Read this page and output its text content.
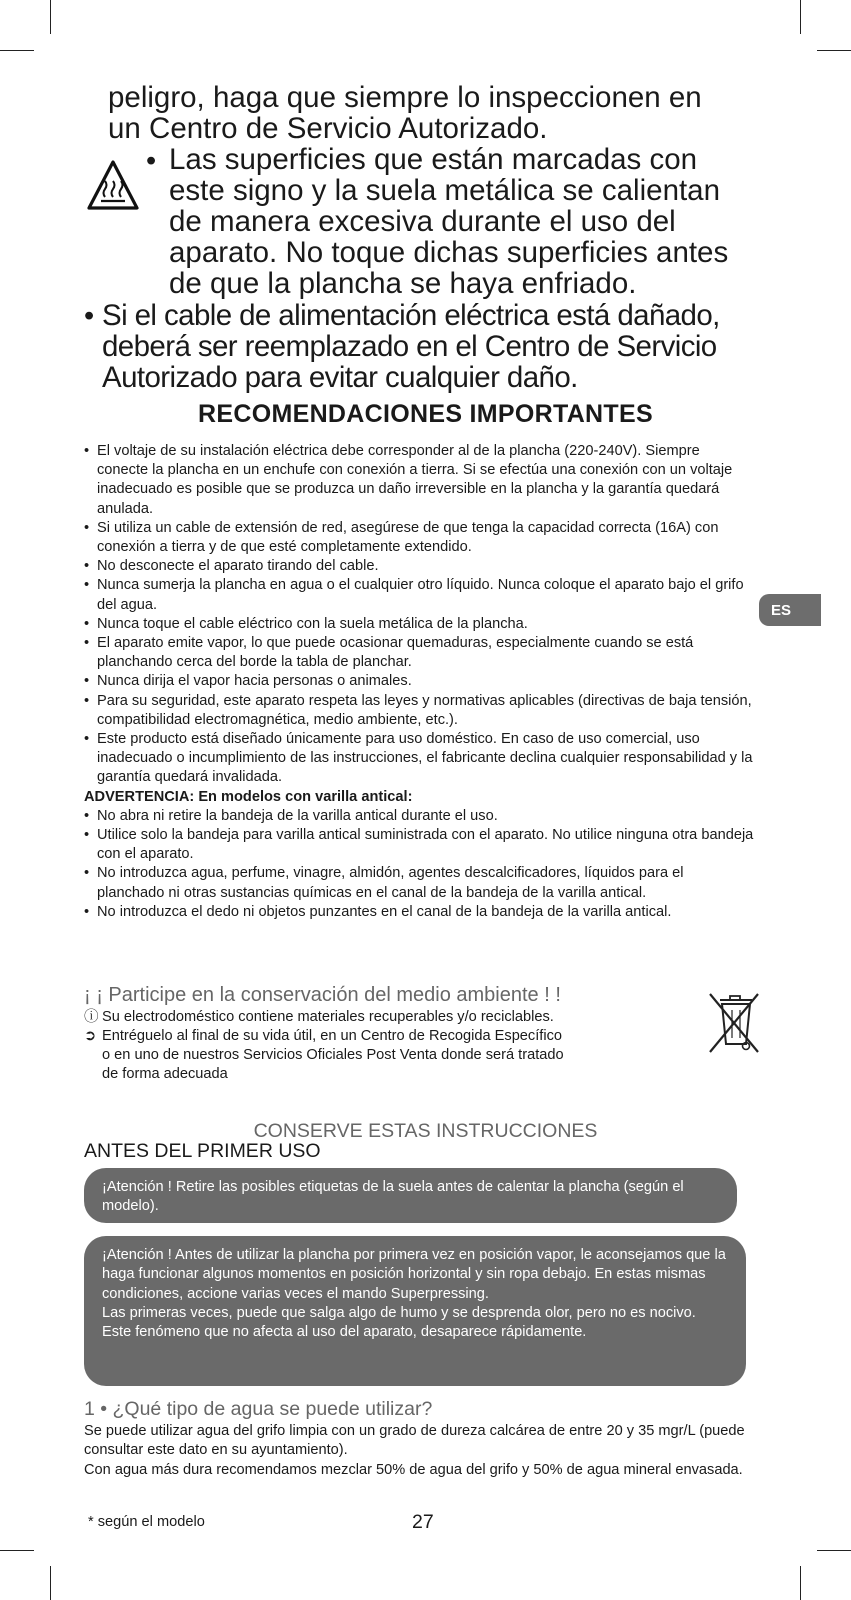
peligro, haga que siempre lo inspeccionen en
un Centro de Servicio Autorizado.
• Las superficies que están marcadas con
este signo y la suela metálica se calientan
de manera excesiva durante el uso del
aparato. No toque dichas superficies antes
de que la plancha se haya enfriado.
• Si el cable de alimentación eléctrica está dañado,
deberá ser reemplazado en el Centro de Servicio
Autorizado para evitar cualquier daño.
RECOMENDACIONES IMPORTANTES
• El voltaje de su instalación eléctrica debe corresponder al de la plancha (220-240V). Siempre conecte la plancha en un enchufe con conexión a tierra. Si se efectúa una conexión con un voltaje inadecuado es posible que se produzca un daño irreversible en la plancha y la garantía quedará anulada.
• Si utiliza un cable de extensión de red, asegúrese de que tenga la capacidad correcta (16A) con conexión a tierra y de que esté completamente extendido.
• No desconecte el aparato tirando del cable.
• Nunca sumerja la plancha en agua o el cualquier otro líquido. Nunca coloque el aparato bajo el grifo del agua.
• Nunca toque el cable eléctrico con la suela metálica de la plancha.
• El aparato emite vapor, lo que puede ocasionar quemaduras, especialmente cuando se está planchando cerca del borde la tabla de planchar.
• Nunca dirija el vapor hacia personas o animales.
• Para su seguridad, este aparato respeta las leyes y normativas aplicables (directivas de baja tensión, compatibilidad electromagnética, medio ambiente, etc.).
• Este producto está diseñado únicamente para uso doméstico. En caso de uso comercial, uso inadecuado o incumplimiento de las instrucciones, el fabricante declina cualquier responsabilidad y la garantía quedará invalidada.
ADVERTENCIA: En modelos con varilla antical:
• No abra ni retire la bandeja de la varilla antical durante el uso.
• Utilice solo la bandeja para varilla antical suministrada con el aparato. No utilice ninguna otra bandeja con el aparato.
• No introduzca agua, perfume, vinagre, almidón, agentes descalcificadores, líquidos para el planchado ni otras sustancias químicas en el canal de la bandeja de la varilla antical.
• No introduzca el dedo ni objetos punzantes en el canal de la bandeja de la varilla antical.
ES
¡ ¡ Participe en la conservación del medio ambiente ! !
ⓘ Su electrodoméstico contiene materiales recuperables y/o reciclables.
➲ Entréguelo al final de su vida útil, en un Centro de Recogida Específico
o en uno de nuestros Servicios Oficiales Post Venta donde será tratado
de forma adecuada
CONSERVE ESTAS INSTRUCCIONES
ANTES DEL PRIMER USO

¡Atención ! Retire las posibles etiquetas de la suela antes de calentar la plancha (según el modelo).

¡Atención ! Antes de utilizar la plancha por primera vez en posición vapor, le aconsejamos que la haga funcionar algunos momentos en posición horizontal y sin ropa debajo. En estas mismas condiciones, accione varias veces el mando Superpressing.

Las primeras veces, puede que salga algo de humo y se desprenda olor, pero no es nocivo.

Este fenómeno que no afecta al uso del aparato, desaparece rápidamente.

1 • ¿Qué tipo de agua se puede utilizar?

Se puede utilizar agua del grifo limpia con un grado de dureza calcárea de entre 20 y 35 mgr/L (puede consultar este dato en su ayuntamiento).

Con agua más dura recomendamos mezclar 50% de agua del grifo y 50% de agua mineral envasada.

* según el modelo	27
